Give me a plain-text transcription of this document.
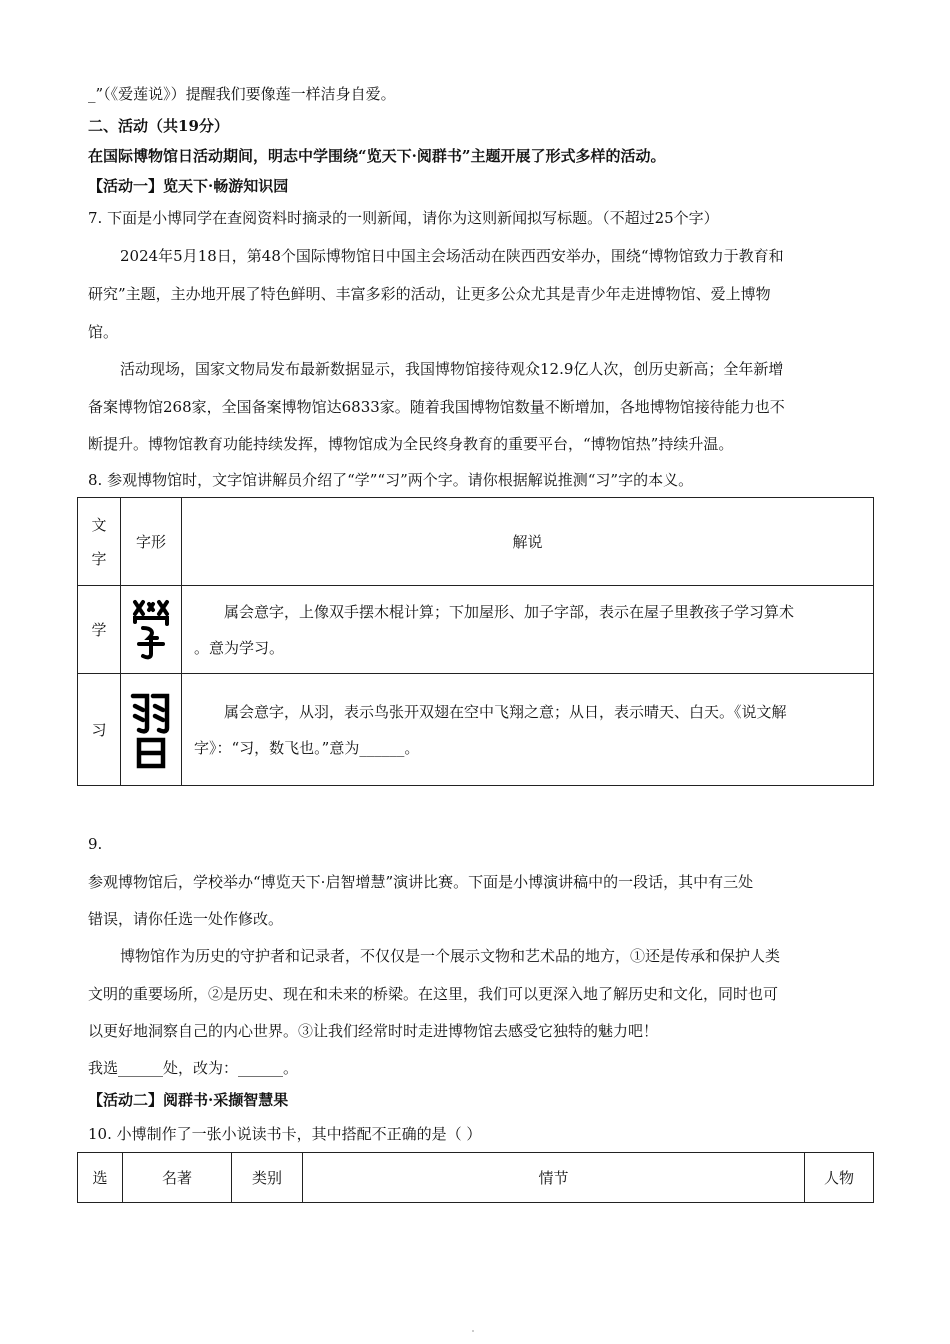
_”（《爱莲说》）提醒我们要像莲一样洁身自爱。
二、活动（共19分）
在国际博物馆日活动期间，明志中学围绕“览天下·阅群书”主题开展了形式多样的活动。
【活动一】览天下·畅游知识园
7. 下面是小博同学在查阅资料时摘录的一则新闻，请你为这则新闻拟写标题。（不超过25个字）
2024年5月18日，第48个国际博物馆日中国主会场活动在陕西西安举办，围绕“博物馆致力于教育和
研究”主题，主办地开展了特色鲜明、丰富多彩的活动，让更多公众尤其是青少年走进博物馆、爱上博物
馆。
活动现场，国家文物局发布最新数据显示，我国博物馆接待观众12.9亿人次，创历史新高；全年新增
备案博物馆268家，全国备案博物馆达6833家。随着我国博物馆数量不断增加，各地博物馆接待能力也不
断提升。博物馆教育功能持续发挥，博物馆成为全民终身教育的重要平台，“博物馆热”持续升温。
8. 参观博物馆时，文字馆讲解员介绍了“学”“习”两个字。请你根据解说推测“习”字的本义。
文
字	字形	解说
学		属会意字，上像双手摆木棍计算；下加屋形、加子字部，表示在屋子里教孩子学习算术
。意为学习。
习		属会意字，从羽，表示鸟张开双翅在空中飞翔之意；从日，表示晴天、白天。《说文解
字》：“习，数飞也。”意为______。
9.
参观博物馆后，学校举办“博览天下·启智增慧”演讲比赛。下面是小博演讲稿中的一段话，其中有三处
错误，请你任选一处作修改。
博物馆作为历史的守护者和记录者，不仅仅是一个展示文物和艺术品的地方，①还是传承和保护人类
文明的重要场所，②是历史、现在和未来的桥梁。在这里，我们可以更深入地了解历史和文化，同时也可
以更好地洞察自己的内心世界。③让我们经常时时走进博物馆去感受它独特的魅力吧！
我选______处，改为：______。
【活动二】阅群书·采撷智慧果
10. 小博制作了一张小说读书卡，其中搭配不正确的是（ ）
选	名著	类别	情节	人物
